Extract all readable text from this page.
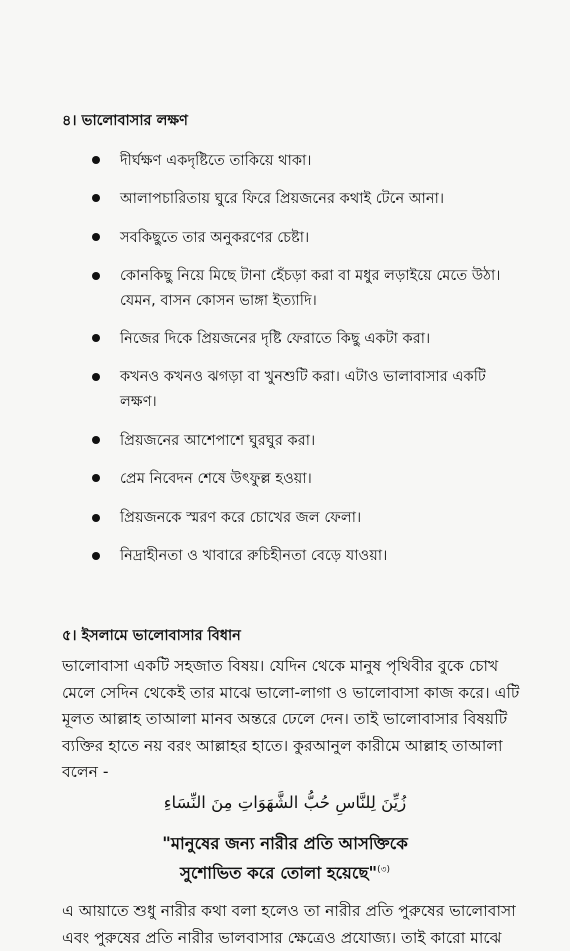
৪। ভালোবাসার লক্ষণ
দীর্ঘক্ষণ একদৃষ্টিতে তাকিয়ে থাকা।
আলাপচারিতায় ঘুরে ফিরে প্রিয়জনের কথাই টেনে আনা।
সবকিছুতে তার অনুকরণের চেষ্টা।
কোনকিছু নিয়ে মিছে টানা হেঁচড়া করা বা মধুর লড়াইয়ে মেতে উঠা।
যেমন, বাসন কোসন ভাঙ্গা ইত্যাদি।
নিজের দিকে প্রিয়জনের দৃষ্টি ফেরাতে কিছু একটা করা।
কখনও কখনও ঝগড়া বা খুনশুটি করা। এটাও ভালাবাসার একটি
লক্ষণ।
প্রিয়জনের আশেপাশে ঘুরঘুর করা।
প্রেম নিবেদন শেষে উৎফুল্ল হওয়া।
প্রিয়জনকে স্মরণ করে চোখের জল ফেলা।
নিদ্রাহীনতা ও খাবারে রুচিহীনতা বেড়ে যাওয়া।
৫। ইসলামে ভালোবাসার বিধান
ভালোবাসা একটি সহজাত বিষয়। যেদিন থেকে মানুষ পৃথিবীর বুকে চোখ
মেলে সেদিন থেকেই তার মাঝে ভালো-লাগা ও ভালোবাসা কাজ করে। এটি
মূলত আল্লাহ তাআলা মানব অন্তরে ঢেলে দেন। তাই ভালোবাসার বিষয়টি
ব্যক্তির হাতে নয় বরং আল্লাহর হাতে। কুরআনুল কারীমে আল্লাহ তাআলা
বলেন -
زُيِّنَ لِلنَّاسِ حُبُّ الشَّهَوَاتِ مِنَ النِّسَاءِ
"মানুষের জন্য নারীর প্রতি আসক্তিকে
সুশোভিত করে তোলা হয়েছে"$^{(৩)}$
এ আয়াতে শুধু নারীর কথা বলা হলেও তা নারীর প্রতি পুরুষের ভালোবাসা
এবং পুরুষের প্রতি নারীর ভালবাসার ক্ষেত্রেও প্রযোজ্য। তাই কারো মাঝে
